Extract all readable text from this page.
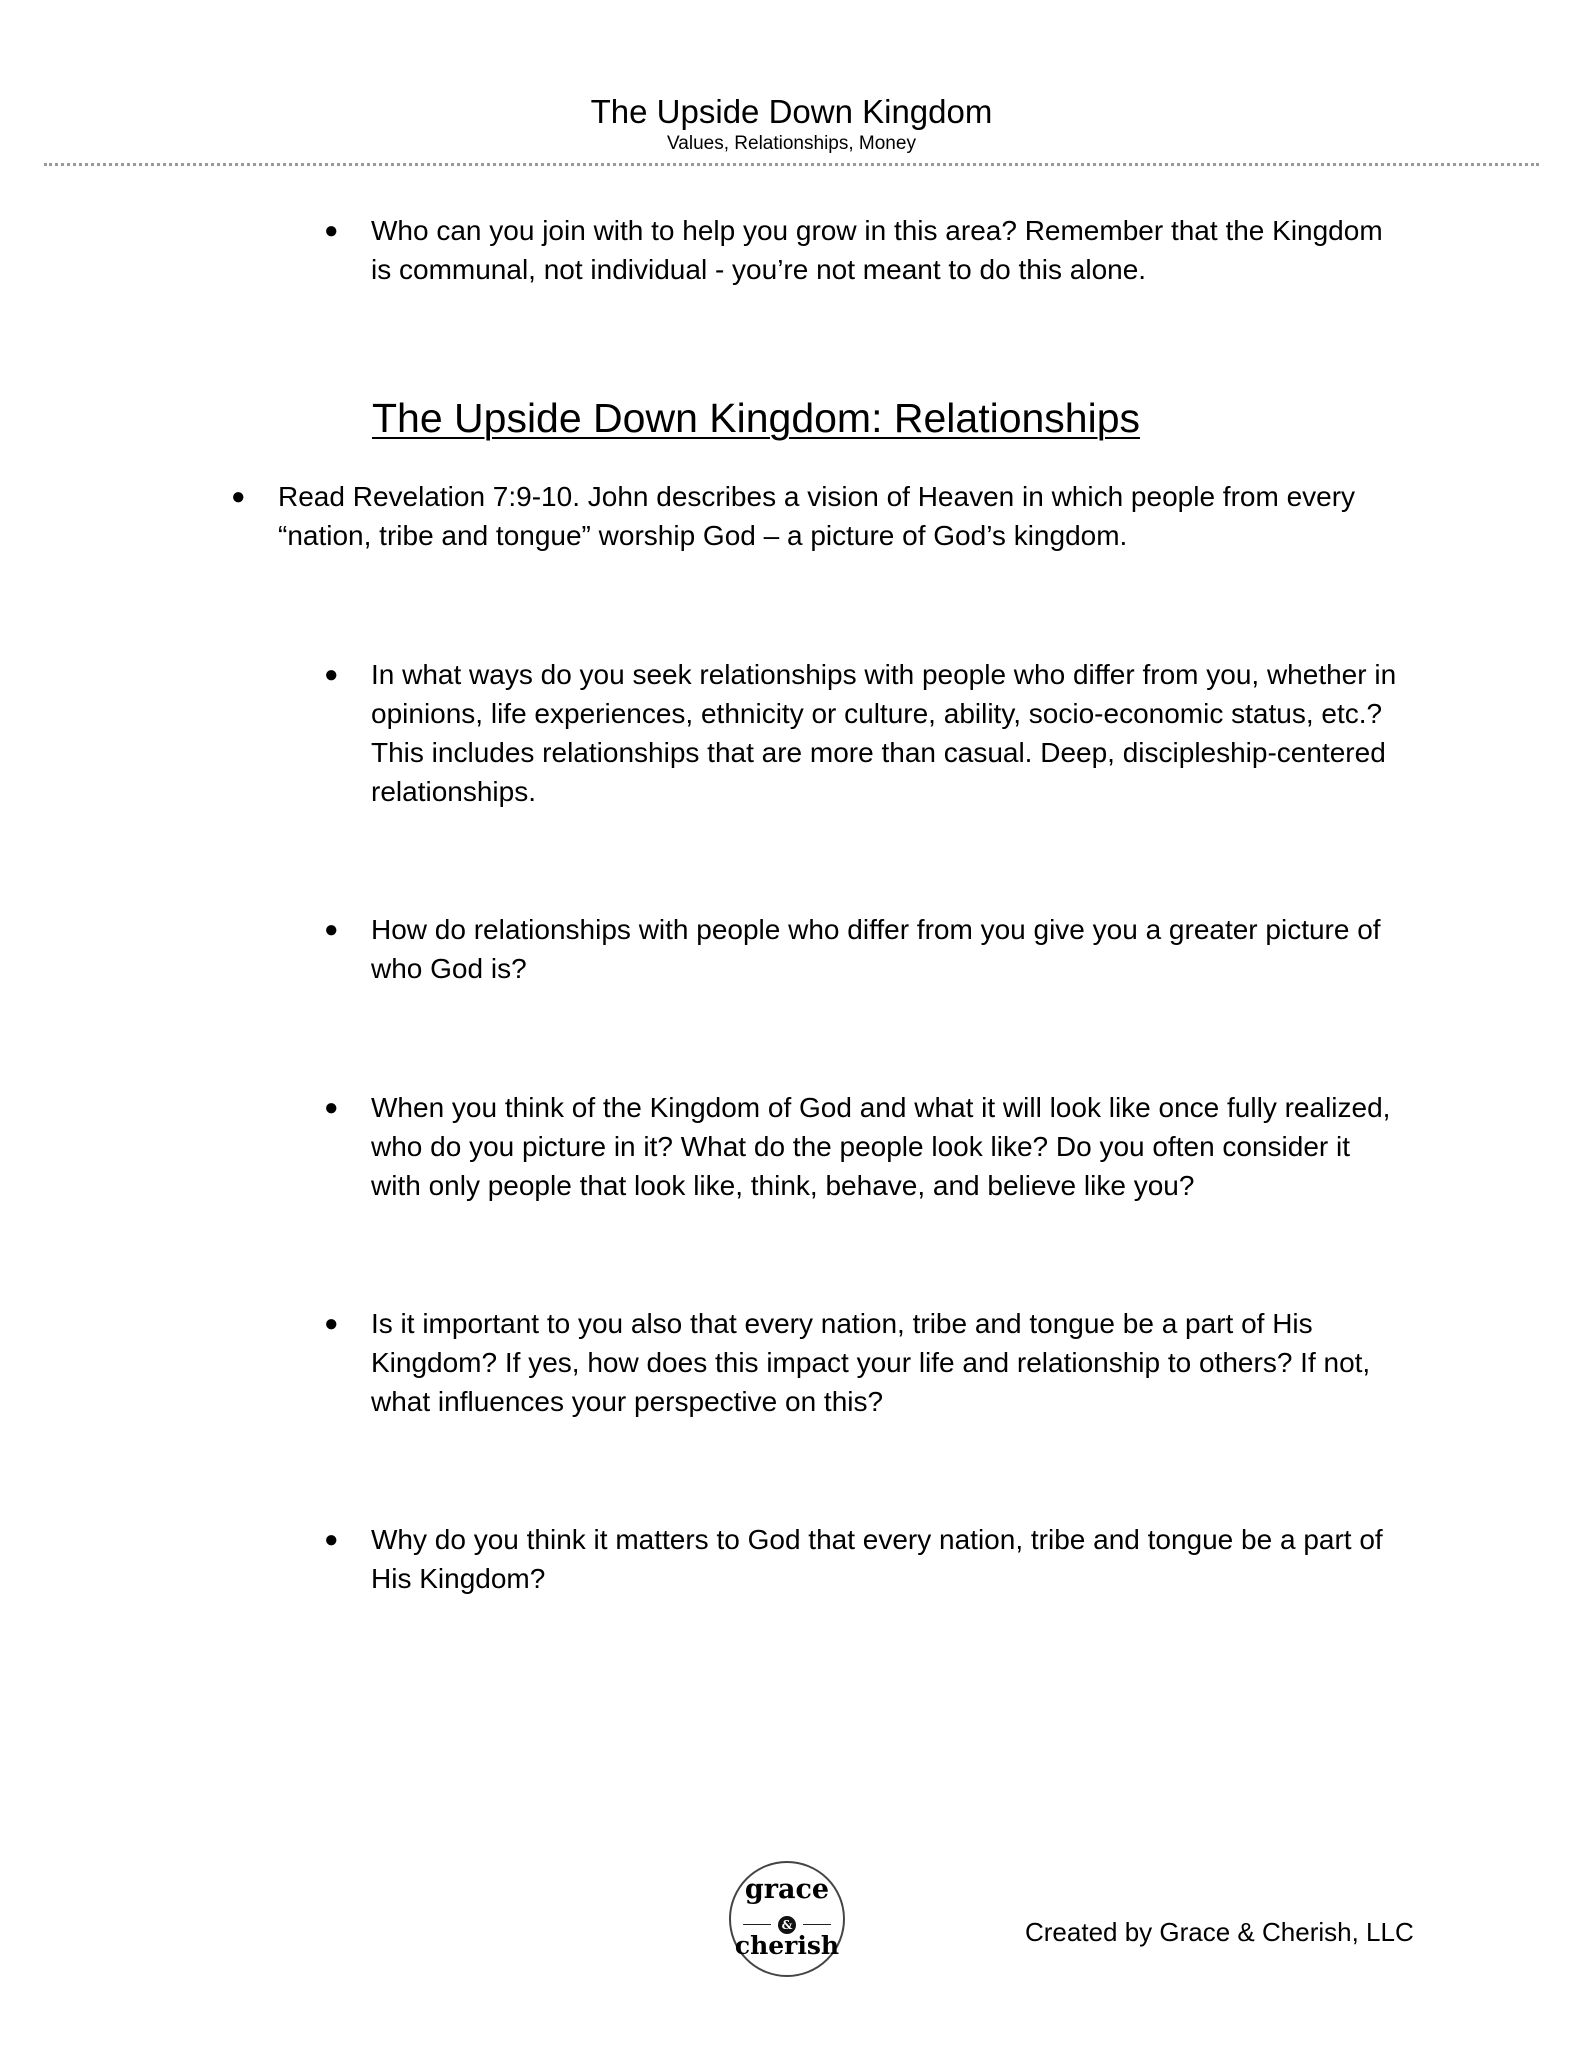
The Upside Down Kingdom
Values, Relationships, Money
● Who can you join with to help you grow in this area? Remember that the Kingdom is communal, not individual - you’re not meant to do this alone.
The Upside Down Kingdom: Relationships
● Read Revelation 7:9-10. John describes a vision of Heaven in which people from every “nation, tribe and tongue” worship God – a picture of God’s kingdom.
● In what ways do you seek relationships with people who differ from you, whether in opinions, life experiences, ethnicity or culture, ability, socio-economic status, etc.? This includes relationships that are more than casual. Deep, discipleship-centered relationships.
● How do relationships with people who differ from you give you a greater picture of who God is?
● When you think of the Kingdom of God and what it will look like once fully realized, who do you picture in it? What do the people look like? Do you often consider it with only people that look like, think, behave, and believe like you?
● Is it important to you also that every nation, tribe and tongue be a part of His Kingdom? If yes, how does this impact your life and relationship to others? If not, what influences your perspective on this?
● Why do you think it matters to God that every nation, tribe and tongue be a part of His Kingdom?
grace
&
cherish	Created by Grace & Cherish, LLC
